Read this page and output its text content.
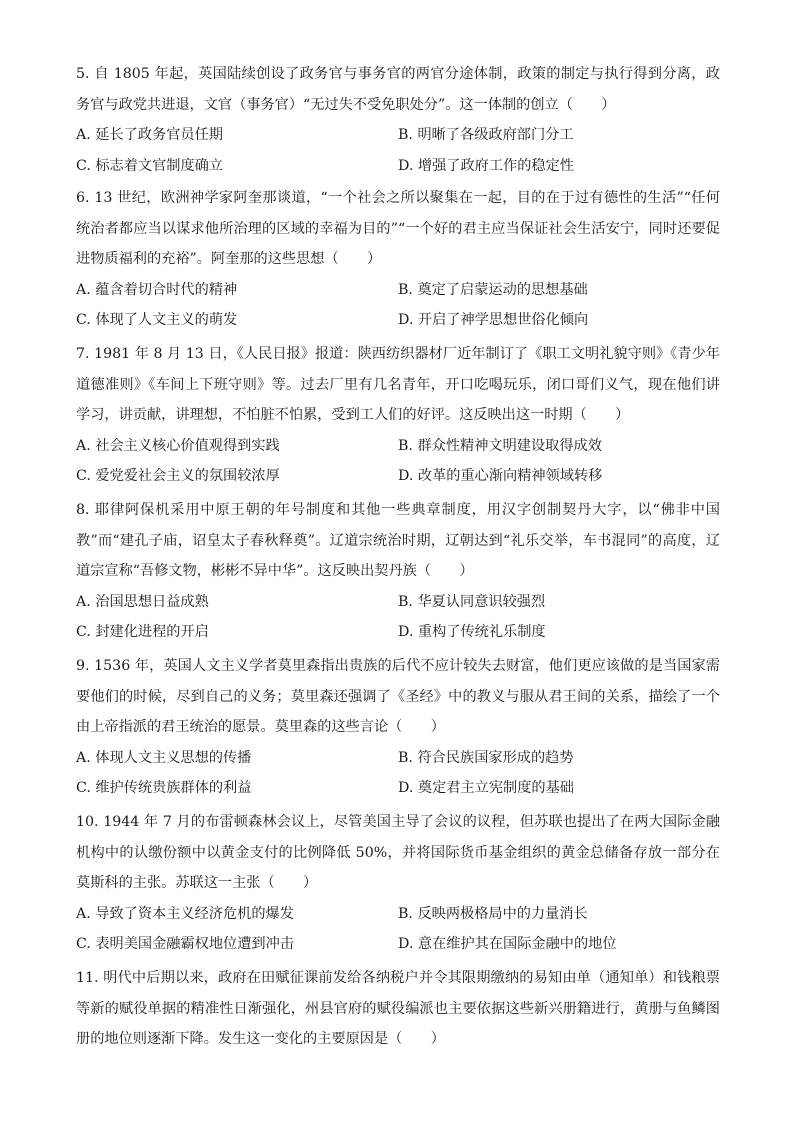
5. 自 1805 年起，英国陆续创设了政务官与事务官的两官分途体制，政策的制定与执行得到分离，政务官与政党共进退，文官（事务官）“无过失不受免职处分”。这一体制的创立（　　）

A. 延长了政务官员任期	B. 明晰了各级政府部门分工
C. 标志着文官制度确立	D. 增强了政府工作的稳定性

6. 13 世纪，欧洲神学家阿奎那谈道，“一个社会之所以聚集在一起，目的在于过有德性的生活”“任何统治者都应当以谋求他所治理的区域的幸福为目的”“一个好的君主应当保证社会生活安宁，同时还要促进物质福利的充裕”。阿奎那的这些思想（　　）

A. 蕴含着切合时代的精神	B. 奠定了启蒙运动的思想基础
C. 体现了人文主义的萌发	D. 开启了神学思想世俗化倾向

7. 1981 年 8 月 13 日，《人民日报》报道：陕西纺织器材厂近年制订了《职工文明礼貌守则》《青少年道德准则》《车间上下班守则》等。过去厂里有几名青年，开口吃喝玩乐，闭口哥们义气，现在他们讲学习，讲贡献，讲理想，不怕脏不怕累，受到工人们的好评。这反映出这一时期（　　）

A. 社会主义核心价值观得到实践	B. 群众性精神文明建设取得成效
C. 爱党爱社会主义的氛围较浓厚	D. 改革的重心渐向精神领域转移

8. 耶律阿保机采用中原王朝的年号制度和其他一些典章制度，用汉字创制契丹大字，以“佛非中国教”而“建孔子庙，诏皇太子春秋释奠”。辽道宗统治时期，辽朝达到“礼乐交举，车书混同”的高度，辽道宗宣称“吾修文物，彬彬不异中华”。这反映出契丹族（　　）

A. 治国思想日益成熟	B. 华夏认同意识较强烈
C. 封建化进程的开启	D. 重构了传统礼乐制度

9. 1536 年，英国人文主义学者莫里森指出贵族的后代不应计较失去财富，他们更应该做的是当国家需要他们的时候，尽到自己的义务；莫里森还强调了《圣经》中的教义与服从君王间的关系，描绘了一个由上帝指派的君王统治的愿景。莫里森的这些言论（　　）

A. 体现人文主义思想的传播	B. 符合民族国家形成的趋势
C. 维护传统贵族群体的利益	D. 奠定君主立宪制度的基础

10. 1944 年 7 月的布雷顿森林会议上，尽管美国主导了会议的议程，但苏联也提出了在两大国际金融机构中的认缴份额中以黄金支付的比例降低 50%，并将国际货币基金组织的黄金总储备存放一部分在莫斯科的主张。苏联这一主张（　　）

A. 导致了资本主义经济危机的爆发	B. 反映两极格局中的力量消长
C. 表明美国金融霸权地位遭到冲击	D. 意在维护其在国际金融中的地位

11. 明代中后期以来，政府在田赋征课前发给各纳税户并令其限期缴纳的易知由单（通知单）和钱粮票等新的赋役单据的精准性日渐强化，州县官府的赋役编派也主要依据这些新兴册籍进行，黄册与鱼鳞图册的地位则逐渐下降。发生这一变化的主要原因是（　　）
